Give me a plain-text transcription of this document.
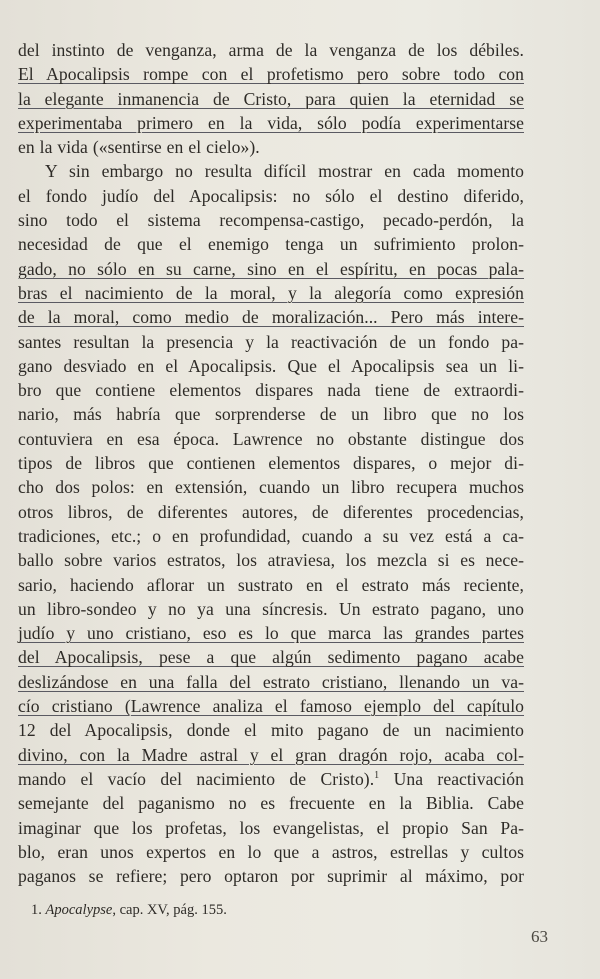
del instinto de venganza, arma de la venganza de los débiles.
El Apocalipsis rompe con el profetismo pero sobre todo con
la elegante inmanencia de Cristo, para quien la eternidad se
experimentaba primero en la vida, sólo podía experimentarse
en la vida («sentirse en el cielo»).
Y sin embargo no resulta difícil mostrar en cada momento
el fondo judío del Apocalipsis: no sólo el destino diferido,
sino todo el sistema recompensa-castigo, pecado-perdón, la
necesidad de que el enemigo tenga un sufrimiento prolon-
gado, no sólo en su carne, sino en el espíritu, en pocas pala-
bras el nacimiento de la moral, y la alegoría como expresión
de la moral, como medio de moralización... Pero más intere-
santes resultan la presencia y la reactivación de un fondo pa-
gano desviado en el Apocalipsis. Que el Apocalipsis sea un li-
bro que contiene elementos dispares nada tiene de extraordi-
nario, más habría que sorprenderse de un libro que no los
contuviera en esa época. Lawrence no obstante distingue dos
tipos de libros que contienen elementos dispares, o mejor di-
cho dos polos: en extensión, cuando un libro recupera muchos
otros libros, de diferentes autores, de diferentes procedencias,
tradiciones, etc.; o en profundidad, cuando a su vez está a ca-
ballo sobre varios estratos, los atraviesa, los mezcla si es nece-
sario, haciendo aflorar un sustrato en el estrato más reciente,
un libro-sondeo y no ya una síncresis. Un estrato pagano, uno
judío y uno cristiano, eso es lo que marca las grandes partes
del Apocalipsis, pese a que algún sedimento pagano acabe
deslizándose en una falla del estrato cristiano, llenando un va-
cío cristiano (Lawrence analiza el famoso ejemplo del capítulo
12 del Apocalipsis, donde el mito pagano de un nacimiento
divino, con la Madre astral y el gran dragón rojo, acaba col-
mando el vacío del nacimiento de Cristo).$^1$ Una reactivación
semejante del paganismo no es frecuente en la Biblia. Cabe
imaginar que los profetas, los evangelistas, el propio San Pa-
blo, eran unos expertos en lo que a astros, estrellas y cultos
paganos se refiere; pero optaron por suprimir al máximo, por
1. Apocalypse, cap. XV, pág. 155.
63
